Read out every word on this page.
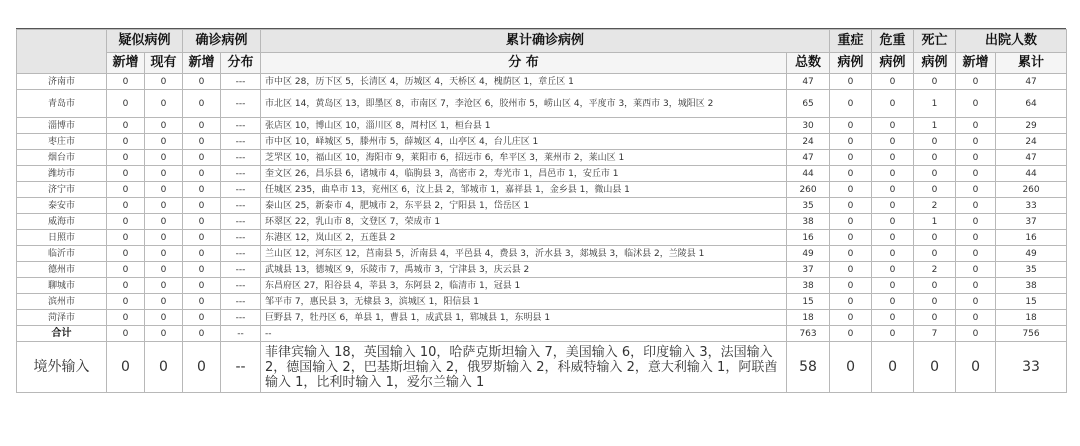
	疑似病例		确诊病例		累计确诊病例		重症	危重	死亡	出院人数	
	新增	现有	新增	分布	分 布	总数	病例	病例	病例	新增	累计
济南市	0	0	0	---	市中区 28，历下区 5，长清区 4，历城区 4，天桥区 4，槐荫区 1，章丘区 1	47	0	0	0	0	47
青岛市	0	0	0	---	市北区 14，黄岛区 13，即墨区 8，市南区 7，李沧区 6，胶州市 5，崂山区 4，平度市 3，莱西市 3，城阳区 2	65	0	0	1	0	64
淄博市	0	0	0	---	张店区 10，博山区 10，淄川区 8，周村区 1，桓台县 1	30	0	0	1	0	29
枣庄市	0	0	0	---	市中区 10，峄城区 5，滕州市 5，薛城区 4，山亭区 4，台儿庄区 1	24	0	0	0	0	24
烟台市	0	0	0	---	芝罘区 10，福山区 10，海阳市 9，莱阳市 6，招远市 6，牟平区 3，莱州市 2，莱山区 1	47	0	0	0	0	47
潍坊市	0	0	0	---	奎文区 26，昌乐县 6，诸城市 4，临朐县 3，高密市 2，寿光市 1，昌邑市 1，安丘市 1	44	0	0	0	0	44
济宁市	0	0	0	---	任城区 235，曲阜市 13，兖州区 6，汶上县 2，邹城市 1，嘉祥县 1，金乡县 1，微山县 1	260	0	0	0	0	260
泰安市	0	0	0	---	泰山区 25，新泰市 4，肥城市 2，东平县 2，宁阳县 1，岱岳区 1	35	0	0	2	0	33
威海市	0	0	0	---	环翠区 22，乳山市 8，文登区 7，荣成市 1	38	0	0	1	0	37
日照市	0	0	0	---	东港区 12，岚山区 2，五莲县 2	16	0	0	0	0	16
临沂市	0	0	0	---	兰山区 12，河东区 12，莒南县 5，沂南县 4，平邑县 4，费县 3，沂水县 3，郯城县 3，临沭县 2，兰陵县 1	49	0	0	0	0	49
德州市	0	0	0	---	武城县 13，德城区 9，乐陵市 7，禹城市 3，宁津县 3，庆云县 2	37	0	0	2	0	35
聊城市	0	0	0	---	东昌府区 27，阳谷县 4，莘县 3，东阿县 2，临清市 1，冠县 1	38	0	0	0	0	38
滨州市	0	0	0	---	邹平市 7，惠民县 3，无棣县 3，滨城区 1，阳信县 1	15	0	0	0	0	15
菏泽市	0	0	0	---	巨野县 7，牡丹区 6，单县 1，曹县 1，成武县 1，郓城县 1，东明县 1	18	0	0	0	0	18
合计	0	0	0	--	--	763	0	0	7	0	756
境外输入	0	0	0	--	菲律宾输入 18，英国输入 10，哈萨克斯坦输入 7，美国输入 6，印度输入 3，法国输入 2，德国输入 2，巴基斯坦输入 2，俄罗斯输入 2，科威特输入 2，意大利输入 1，阿联酋输入 1，比利时输入 1，爱尔兰输入 1	58	0	0	0	0	33
